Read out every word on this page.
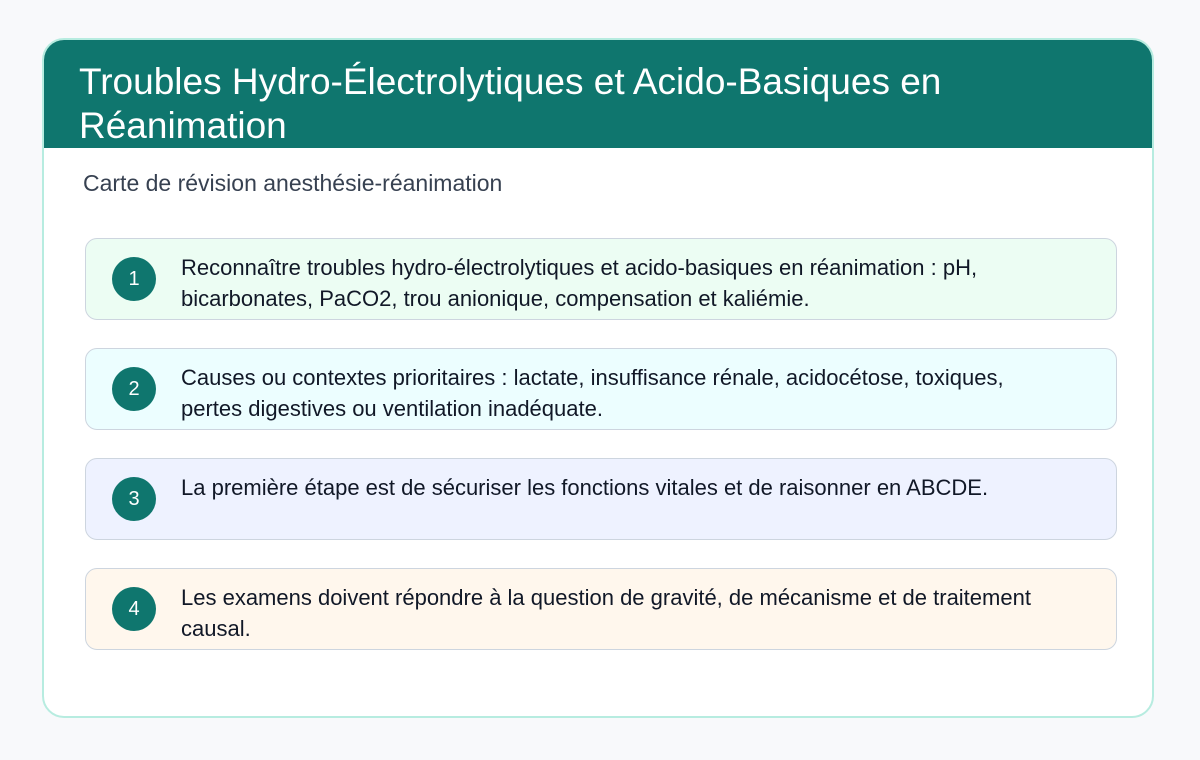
Troubles Hydro-Électrolytiques et Acido-Basiques en Réanimation
Carte de révision anesthésie-réanimation
1	Reconnaître troubles hydro-électrolytiques et acido-basiques en réanimation : pH, bicarbonates, PaCO2, trou anionique, compensation et kaliémie.
2	Causes ou contextes prioritaires : lactate, insuffisance rénale, acidocétose, toxiques, pertes digestives ou ventilation inadéquate.
3	La première étape est de sécuriser les fonctions vitales et de raisonner en ABCDE.
4	Les examens doivent répondre à la question de gravité, de mécanisme et de traitement causal.
